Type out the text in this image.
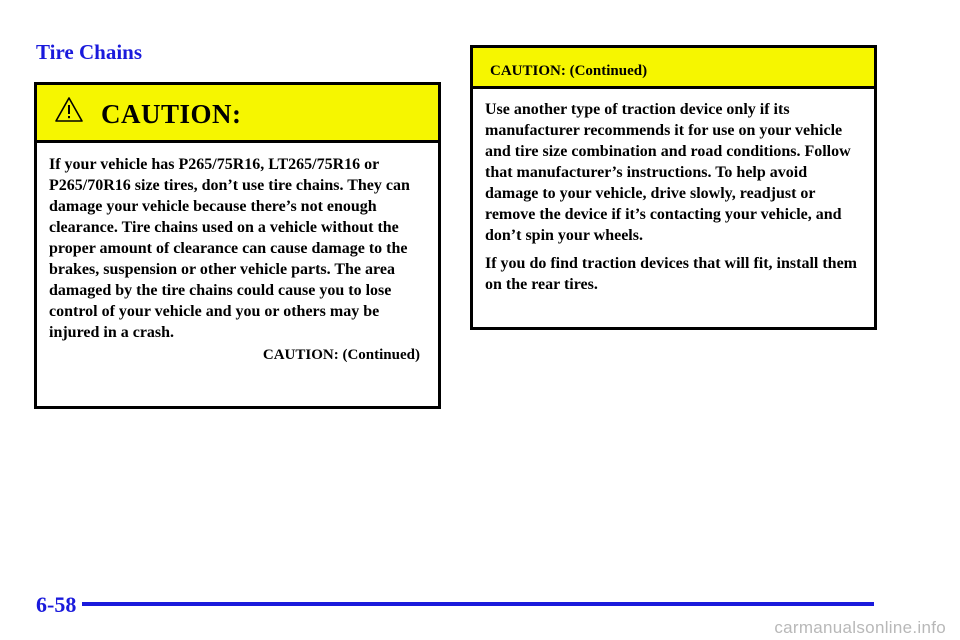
Tire Chains
CAUTION:

If your vehicle has P265/75R16, LT265/75R16 or P265/70R16 size tires, don’t use tire chains. They can damage your vehicle because there’s not enough clearance. Tire chains used on a vehicle without the proper amount of clearance can cause damage to the brakes, suspension or other vehicle parts. The area damaged by the tire chains could cause you to lose control of your vehicle and you or others may be injured in a crash.

CAUTION: (Continued)

CAUTION: (Continued)

Use another type of traction device only if its manufacturer recommends it for use on your vehicle and tire size combination and road conditions. Follow that manufacturer’s instructions. To help avoid damage to your vehicle, drive slowly, readjust or remove the device if it’s contacting your vehicle, and don’t spin your wheels.

If you do find traction devices that will fit, install them on the rear tires.

6-58
carmanualsonline.info
